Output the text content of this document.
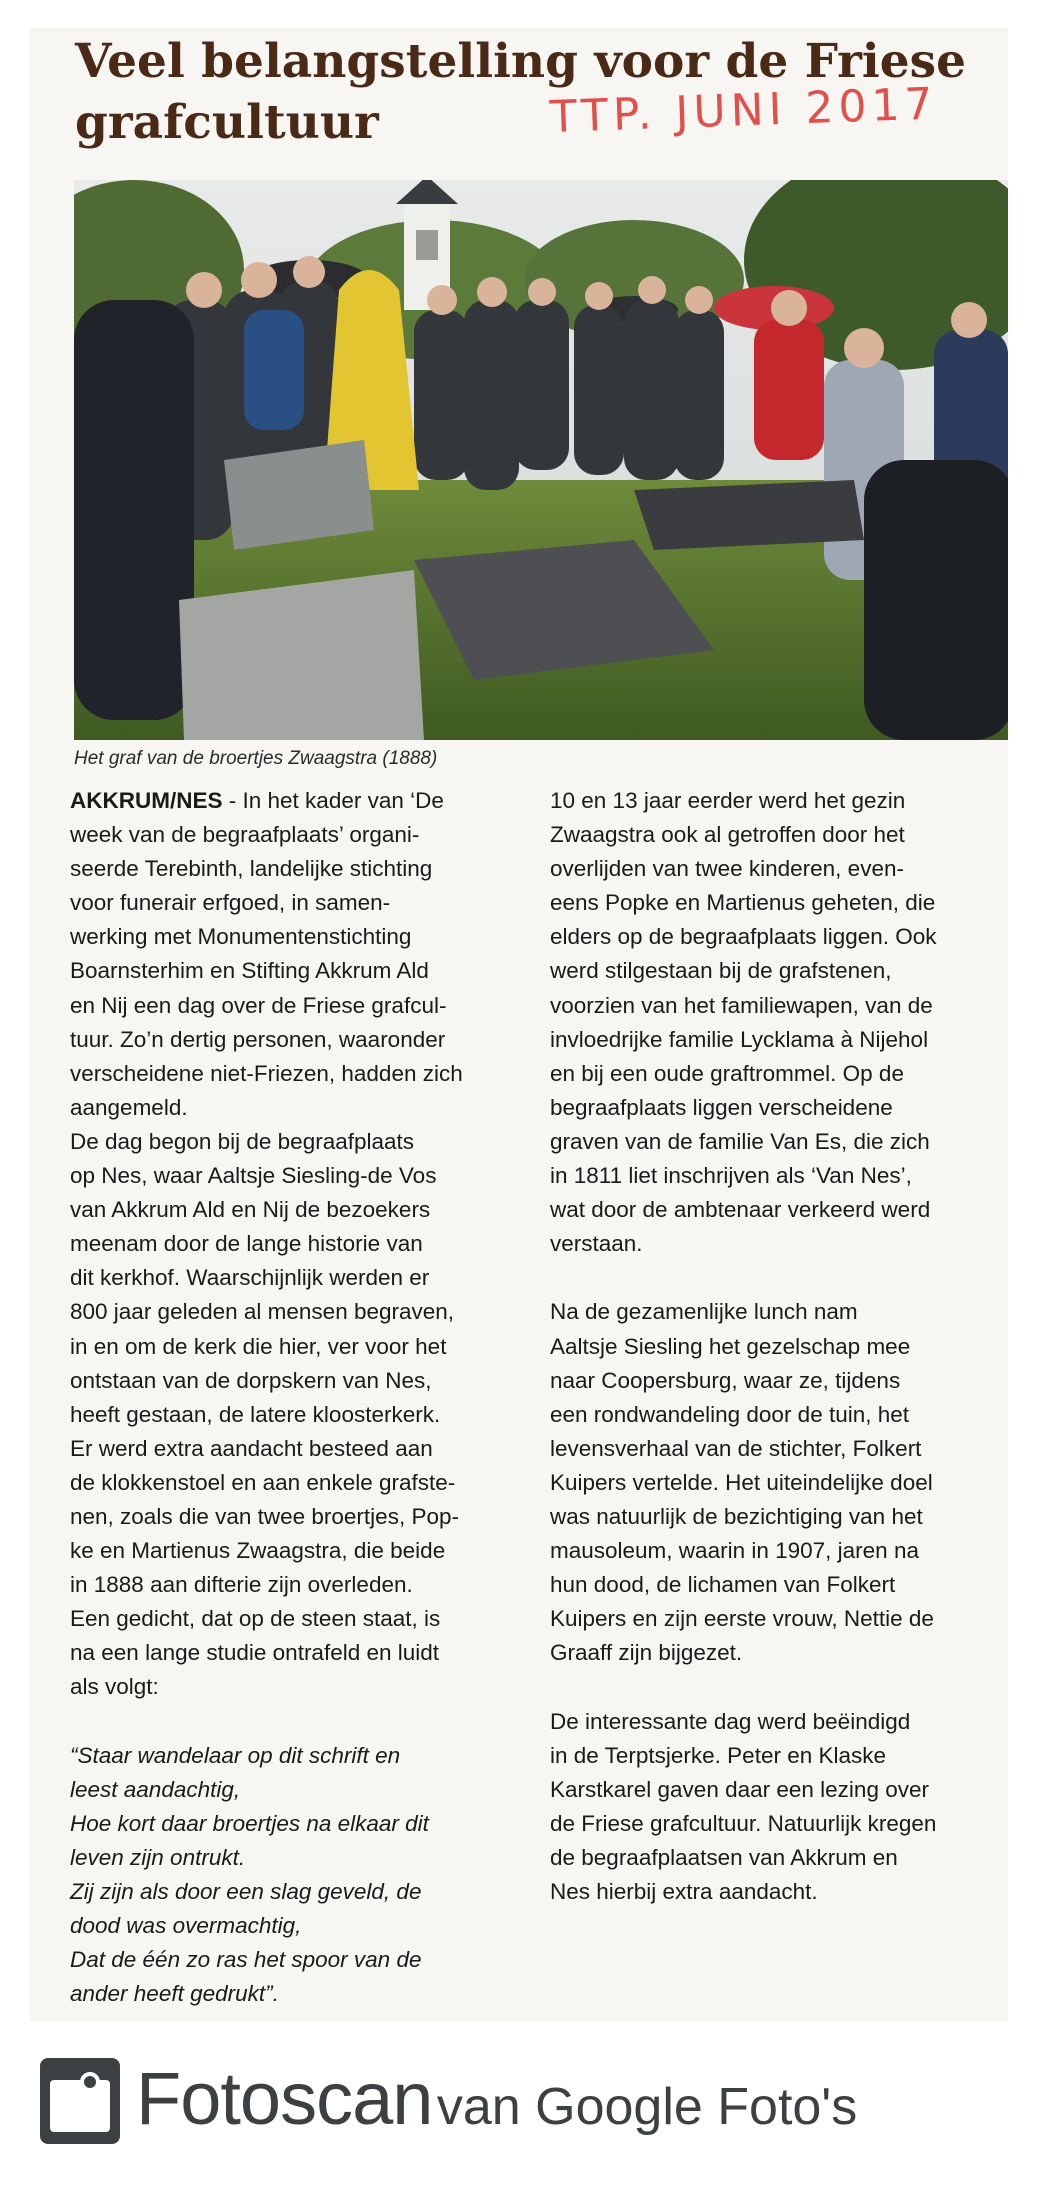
Veel belangstelling voor de Friese grafcultuur	TTP. JUNI 2017
Het graf van de broertjes Zwaagstra (1888)
AKKRUM/NES - In het kader van ‘De
week van de begraafplaats’ organi-
seerde Terebinth, landelijke stichting
voor funerair erfgoed, in samen-
werking met Monumentenstichting
Boarnsterhim en Stifting Akkrum Ald
en Nij een dag over de Friese grafcul-
tuur. Zo’n dertig personen, waaronder
verscheidene niet-Friezen, hadden zich
aangemeld.
De dag begon bij de begraafplaats
op Nes, waar Aaltsje Siesling-de Vos
van Akkrum Ald en Nij de bezoekers
meenam door de lange historie van
dit kerkhof. Waarschijnlijk werden er
800 jaar geleden al mensen begraven,
in en om de kerk die hier, ver voor het
ontstaan van de dorpskern van Nes,
heeft gestaan, de latere kloosterkerk.
Er werd extra aandacht besteed aan
de klokkenstoel en aan enkele grafste-
nen, zoals die van twee broertjes, Pop-
ke en Martienus Zwaagstra, die beide
in 1888 aan difterie zijn overleden.
Een gedicht, dat op de steen staat, is
na een lange studie ontrafeld en luidt
als volgt:
“Staar wandelaar op dit schrift en
leest aandachtig,
Hoe kort daar broertjes na elkaar dit
leven zijn ontrukt.
Zij zijn als door een slag geveld, de
dood was overmachtig,
Dat de één zo ras het spoor van de
ander heeft gedrukt”.
10 en 13 jaar eerder werd het gezin
Zwaagstra ook al getroffen door het
overlijden van twee kinderen, even-
eens Popke en Martienus geheten, die
elders op de begraafplaats liggen. Ook
werd stilgestaan bij de grafstenen,
voorzien van het familiewapen, van de
invloedrijke familie Lycklama à Nijehol
en bij een oude graftrommel. Op de
begraafplaats liggen verscheidene
graven van de familie Van Es, die zich
in 1811 liet inschrijven als ‘Van Nes’,
wat door de ambtenaar verkeerd werd
verstaan.
Na de gezamenlijke lunch nam
Aaltsje Siesling het gezelschap mee
naar Coopersburg, waar ze, tijdens
een rondwandeling door de tuin, het
levensverhaal van de stichter, Folkert
Kuipers vertelde. Het uiteindelijke doel
was natuurlijk de bezichtiging van het
mausoleum, waarin in 1907, jaren na
hun dood, de lichamen van Folkert
Kuipers en zijn eerste vrouw, Nettie de
Graaff zijn bijgezet.
De interessante dag werd beëindigd
in de Terptsjerke. Peter en Klaske
Karstkarel gaven daar een lezing over
de Friese grafcultuur. Natuurlijk kregen
de begraafplaatsen van Akkrum en
Nes hierbij extra aandacht.
Fotoscan van Google Foto's
